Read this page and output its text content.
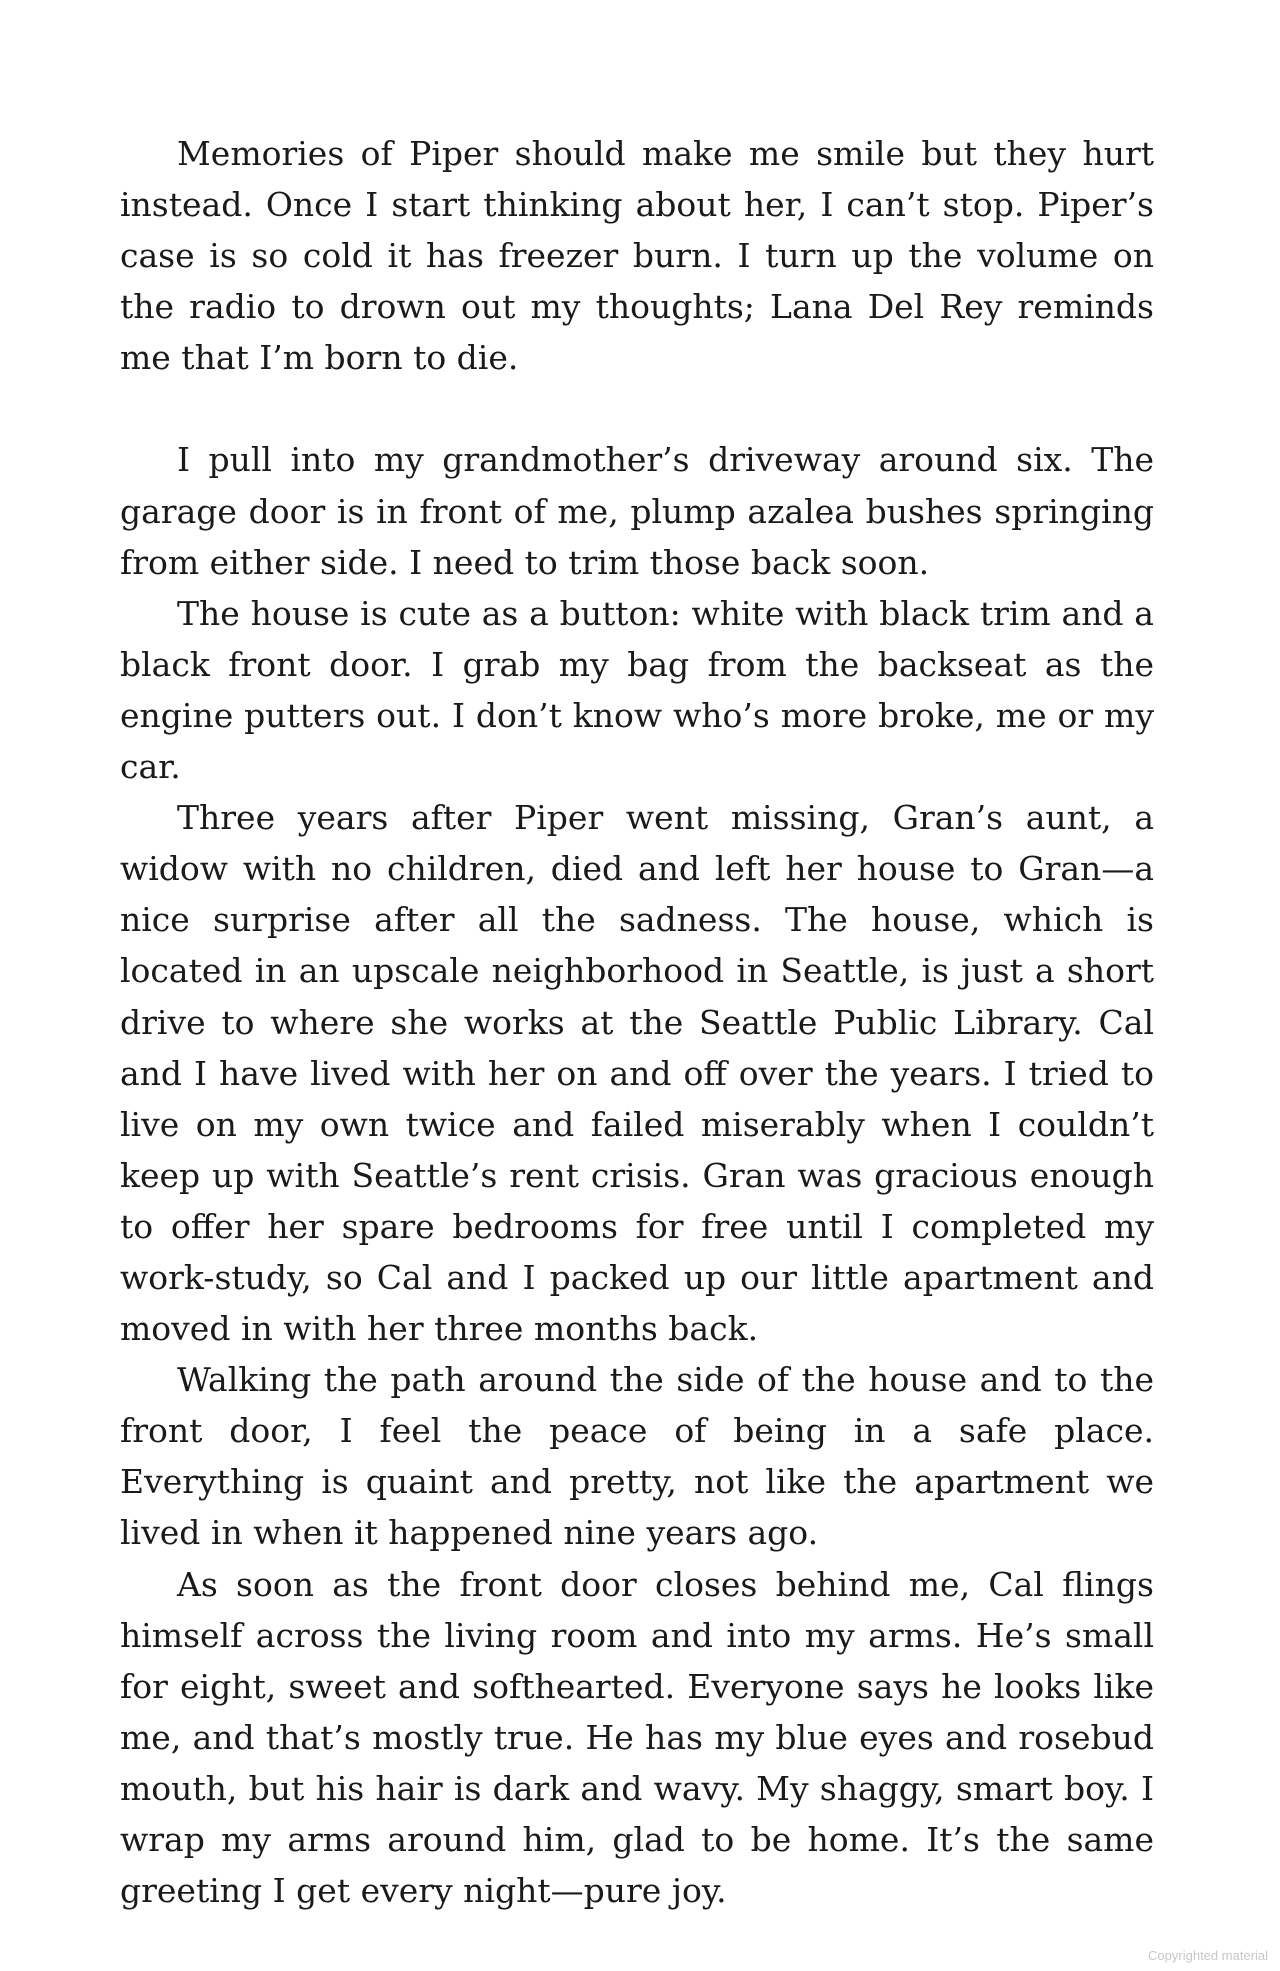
Memories of Piper should make me smile but they hurt instead. Once I start thinking about her, I can’t stop. Piper’s case is so cold it has freezer burn. I turn up the volume on the radio to drown out my thoughts; Lana Del Rey reminds me that I’m born to die.

I pull into my grandmother’s driveway around six. The garage door is in front of me, plump azalea bushes springing from either side. I need to trim those back soon.

The house is cute as a button: white with black trim and a black front door. I grab my bag from the backseat as the engine putters out. I don’t know who’s more broke, me or my car.

Three years after Piper went missing, Gran’s aunt, a widow with no children, died and left her house to Gran—a nice surprise after all the sadness. The house, which is located in an upscale neighborhood in Seattle, is just a short drive to where she works at the Seattle Public Library. Cal and I have lived with her on and off over the years. I tried to live on my own twice and failed miserably when I couldn’t keep up with Seattle’s rent crisis. Gran was gracious enough to offer her spare bedrooms for free until I completed my work-study, so Cal and I packed up our little apartment and moved in with her three months back.

Walking the path around the side of the house and to the front door, I feel the peace of being in a safe place. Everything is quaint and pretty, not like the apartment we lived in when it happened nine years ago.

As soon as the front door closes behind me, Cal flings himself across the living room and into my arms. He’s small for eight, sweet and softhearted. Everyone says he looks like me, and that’s mostly true. He has my blue eyes and rosebud mouth, but his hair is dark and wavy. My shaggy, smart boy. I wrap my arms around him, glad to be home. It’s the same greeting I get every night—pure joy.

Copyrighted material
